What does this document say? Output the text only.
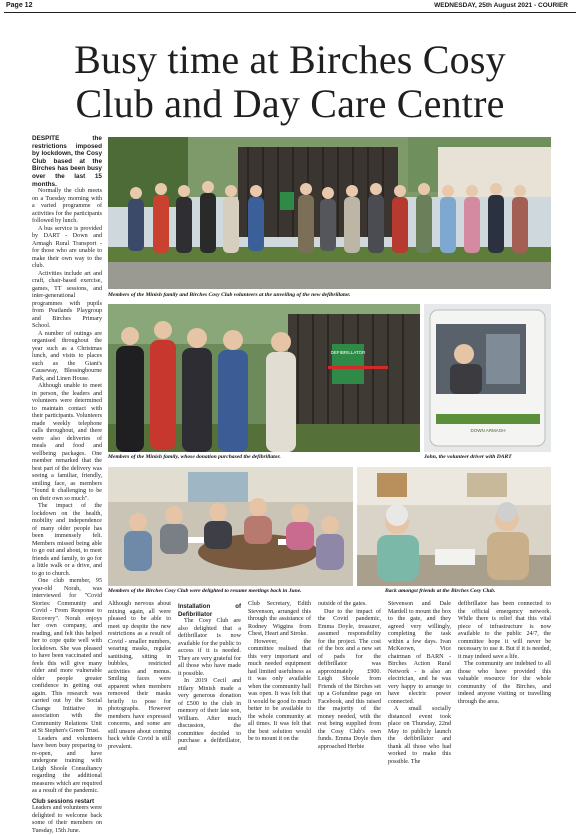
Page 12	WEDNESDAY, 25th August 2021 - COURIER
Busy time at Birches Cosy
Club and Day Care Centre

DESPITE the restrictions imposed by lockdown, the Cosy Club based at the Birches has been busy over the last 15 months.

Normally the club meets on a Tuesday morning with a varied programme of activities for the participants followed by lunch.

A bus service is provided by DART - Down and Armagh Rural Transport - for those who are unable to make their own way to the club.

Activities include art and craft, chair-based exercise, games, TT sessions, and inter-generational programmes with pupils from Peatlands Playgroup and Birches Primary School.

A number of outings are organised throughout the year such as a Christmas lunch, and visits to places such as the Giant's Causeway, Blessingbourne Park, and Linen House.

Although unable to meet in person, the leaders and volunteers were determined to maintain contact with their participants. Volunteers made weekly telephone calls throughout, and there were also deliveries of meals and food and wellbeing packages. One member remarked that the best part of the delivery was seeing a familiar, friendly, smiling face, as members "found it challenging to be on their own so much".

The impact of the lockdown on the health, mobility and independence of many older people has been immensely felt. Members missed being able to go out and about, to meet friends and family, to go for a little walk or a drive, and to go to church.

One club member, 95 year-old Norah, was interviewed for "Covid Stories: Community and Covid - From Response to Recovery". Norah enjoys her own company, and reading, and felt this helped her to cope quite well with lockdown. She was pleased to have been vaccinated and feels this will give many older and more vulnerable older people greater confidence in getting out again. This research was carried out by the Social Change Initiative in association with the Community Relations Unit at St Stephen's Green Trust.

Leaders and volunteers have been busy preparing to re-open, and have undergone training with Leigh Shoole Consultancy regarding the additional measures which are required as a result of the pandemic.

Club sessions restart

Leaders and volunteers were delighted to welcome back some of their members on Tuesday, 15th June.

Members of the Minish family and Birches Cosy Club volunteers at the unveiling of the new defibrillator.
DEFIBRILLATOR
DOWN ARMAGH
Members of the Minish family, whose donation purchased the defibrillator.	John, the volunteer driver with DART
Members of the Birches Cosy Club were delighted to resume meetings back in June.	Back amongst friends at the Birches Cosy Club.

Although nervous about mixing again, all were pleased to be able to meet up despite the new restrictions as a result of Covid - smaller numbers, wearing masks, regular sanitising, sitting in bubbles, restricted activities and menus. Smiling faces were apparent when members removed their masks briefly to pose for photographs. However members have expressed concerns, and some are still unsure about coming back while Covid is still prevalent.

Installation of Defibrillator

The Cosy Club are also delighted that a defibrillator is now available for the public to access if it is needed. They are very grateful for all those who have made it possible.

In 2019 Cecil and Hilary Minish made a very generous donation of £500 to the club in memory of their late son, William. After much discussion, the committee decided to purchase a defibrillator, and

Club Secretary, Edith Stevenson, arranged this through the assistance of Rodney Wiggins from Chest, Heart and Stroke.

However, the committee realised that this very important and much needed equipment had limited usefulness as it was only available when the community hall was open. It was felt that it would be good to much better to be available to the whole community at all times. It was felt that the best solution would be to mount it on the

outside of the gates.

Due to the impact of the Covid pandemic, Emma Doyle, treasurer, assumed responsibility for the project. The cost of the box and a new set of pads for the defibrillator was approximately £900. Leigh Shoole from Friends of the Birches set up a Gofundme page on Facebook, and this raised the majority of the money needed, with the rest being supplied from the Cosy Club's own funds. Emma Doyle then approached Herbie

Stevenson and Dale Mardell to mount the box to the gate, and they agreed very willingly, completing the task within a few days. Ivan McKeown, Vice chairman of BARN - Birches Action Rural Network - is also an electrician, and he was very happy to arrange to have electric power connected.

A small socially distanced event took place on Thursday, 22nd May to publicly launch the defibrillator and thank all those who had worked to make this possible. The

defibrillator has been connected to the official emergency network. While there is relief that this vital piece of infrastructure is now available to the public 24/7, the committee hope it will never be necessary to use it. But if it is needed, it may indeed save a life.

The community are indebted to all those who have provided this valuable resource for the whole community of the Birches, and indeed anyone visiting or travelling through the area.
